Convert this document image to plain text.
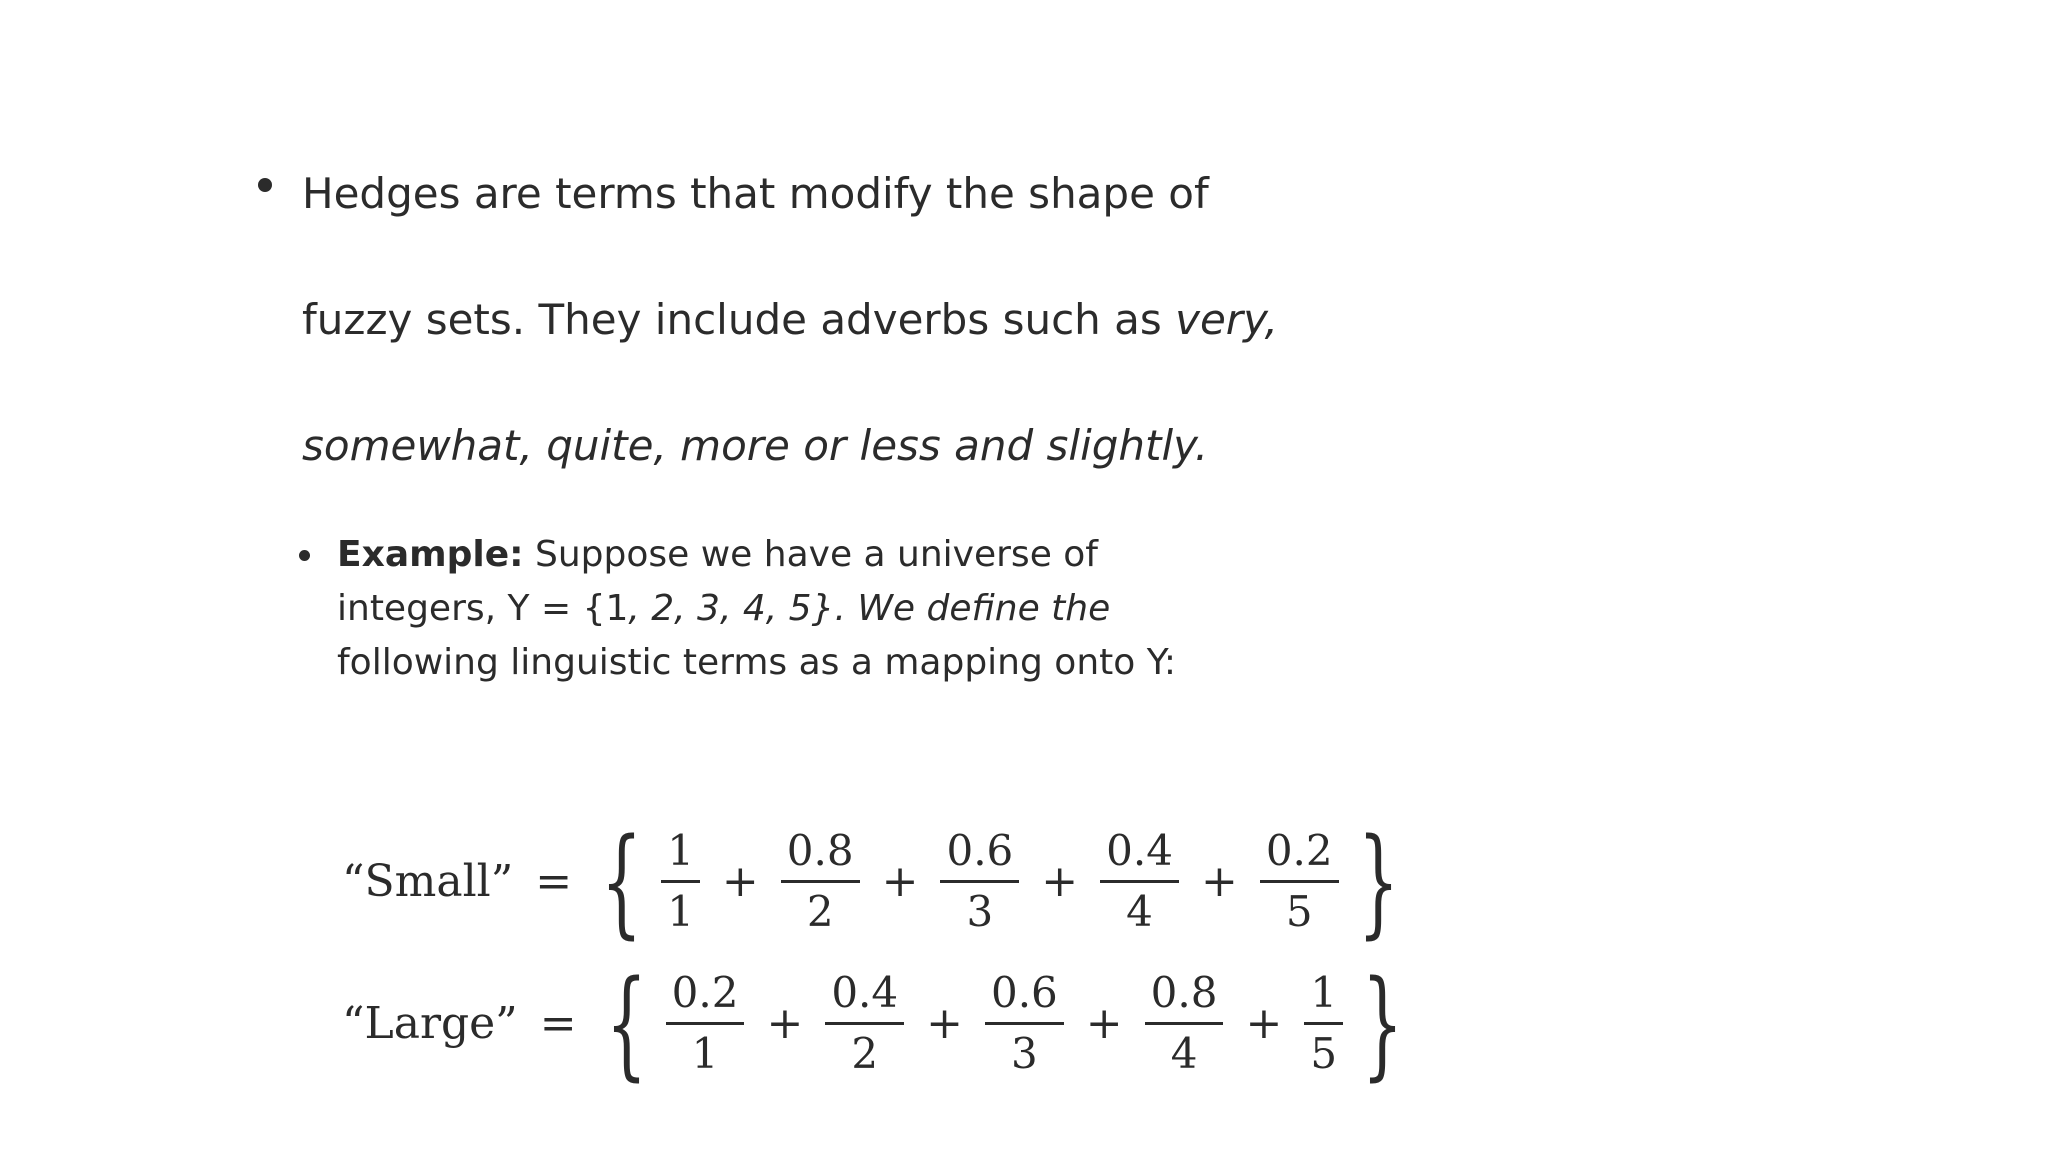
Hedges are terms that modify the shape of
fuzzy sets. They include adverbs such as very,
somewhat, quite, more or less and slightly.
Example: Suppose we have a universe of
integers, Y = {1, 2, 3, 4, 5}. We define the
following linguistic terms as a mapping onto Y:
“Small” = { $\frac{1}{1} + \frac{0.8}{2} + \frac{0.6}{3} + \frac{0.4}{4} + \frac{0.2}{5}$ }
“Large” = { $\frac{0.2}{1} + \frac{0.4}{2} + \frac{0.6}{3} + \frac{0.8}{4} + \frac{1}{5}$ }
